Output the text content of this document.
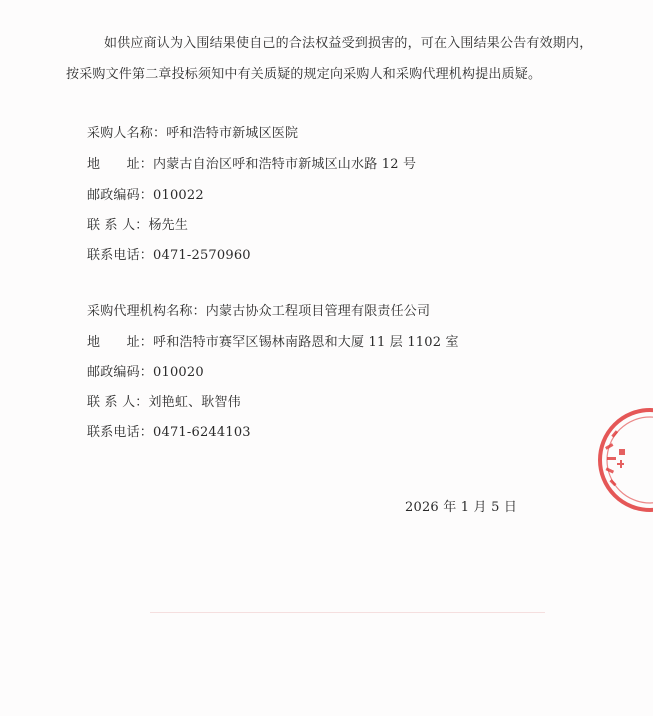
如供应商认为入围结果使自己的合法权益受到损害的，可在入围结果公告有效期内，
按采购文件第二章投标须知中有关质疑的规定向采购人和采购代理机构提出质疑。
采购人名称：呼和浩特市新城区医院
地　　址：内蒙古自治区呼和浩特市新城区山水路 12 号
邮政编码：010022
联 系 人：杨先生
联系电话：0471-2570960
采购代理机构名称：内蒙古协众工程项目管理有限责任公司
地　　址：呼和浩特市赛罕区锡林南路恩和大厦 11 层 1102 室
邮政编码：010020
联 系 人：刘艳虹、耿智伟
联系电话：0471-6244103
2026 年 1 月 5 日
